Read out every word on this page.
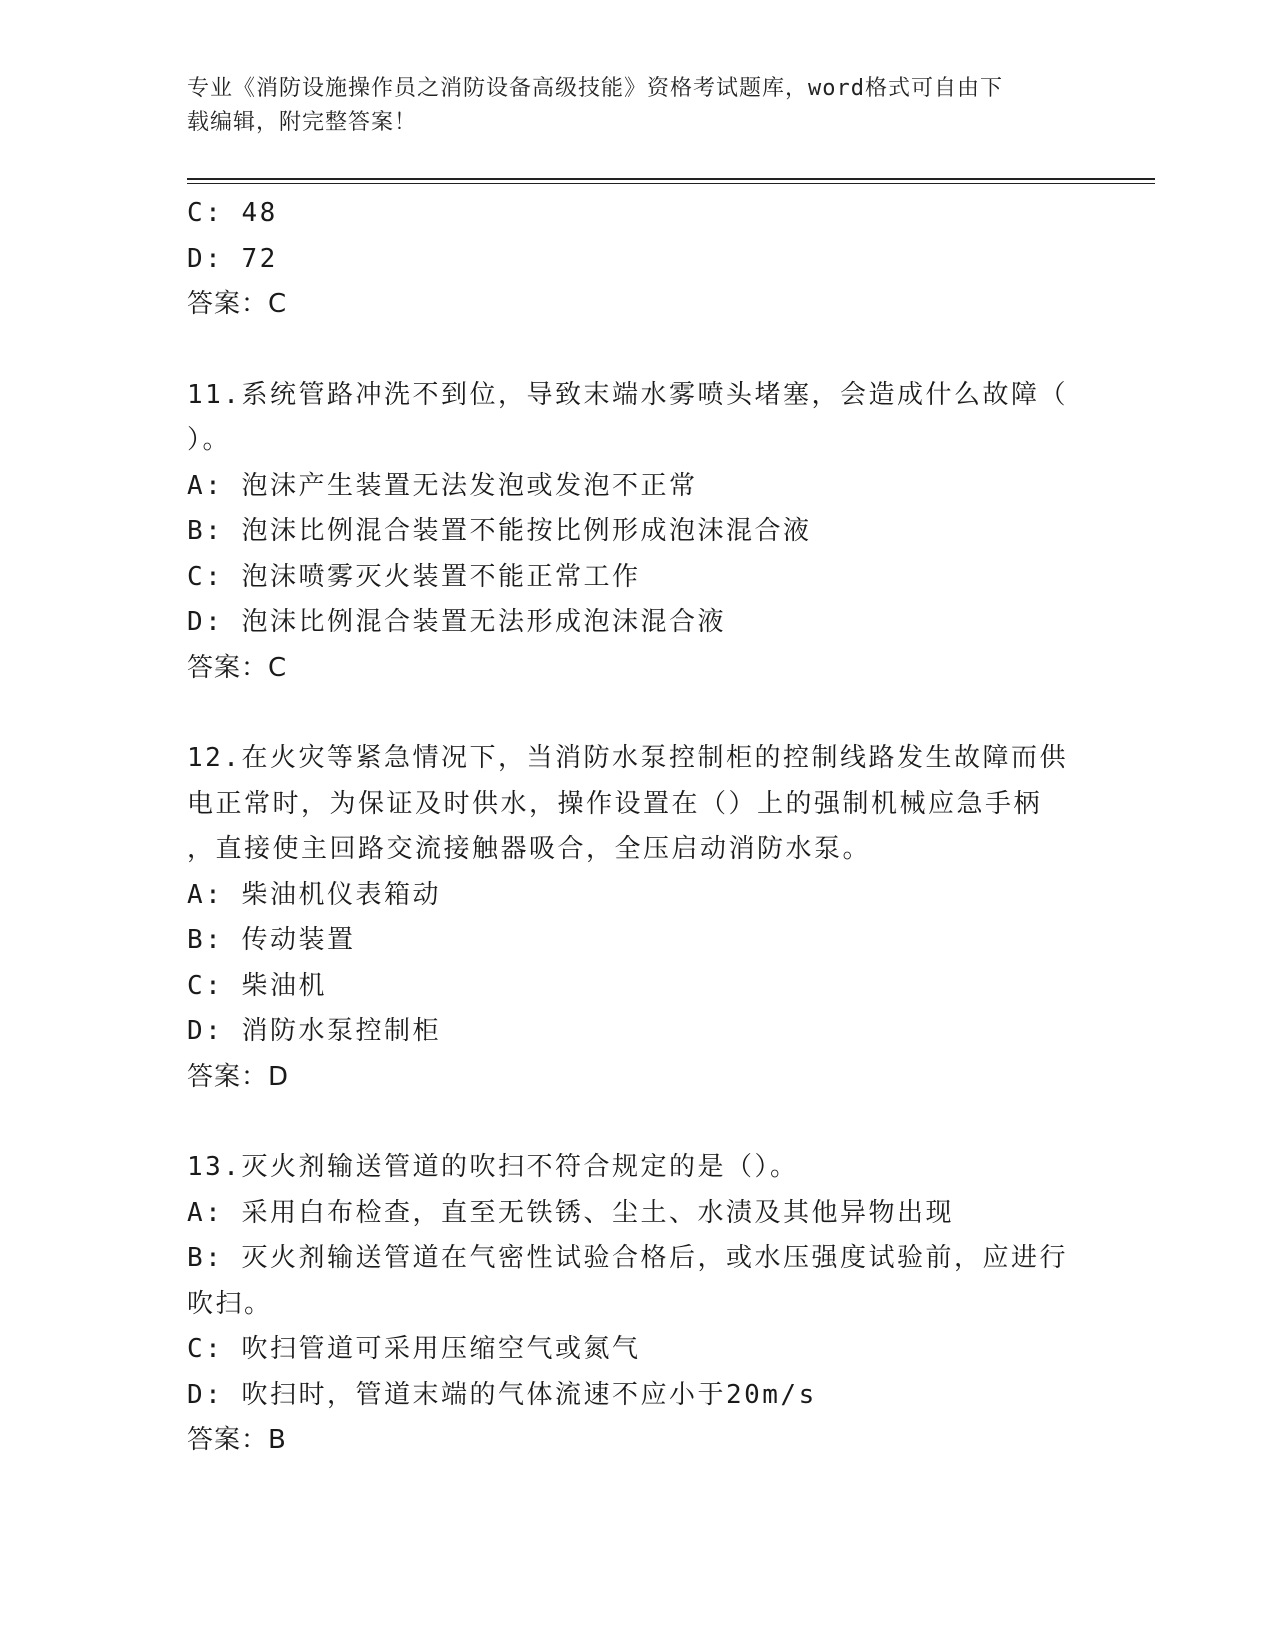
专业《消防设施操作员之消防设备高级技能》资格考试题库，word格式可自由下
载编辑，附完整答案！

C: 48

D: 72

答案：C

11.系统管路冲洗不到位，导致末端水雾喷头堵塞，会造成什么故障（

）。

A: 泡沫产生装置无法发泡或发泡不正常

B: 泡沫比例混合装置不能按比例形成泡沫混合液

C: 泡沫喷雾灭火装置不能正常工作

D: 泡沫比例混合装置无法形成泡沫混合液

答案：C

12.在火灾等紧急情况下，当消防水泵控制柜的控制线路发生故障而供

电正常时，为保证及时供水，操作设置在（）上的强制机械应急手柄

，直接使主回路交流接触器吸合，全压启动消防水泵。

A: 柴油机仪表箱动

B: 传动装置

C: 柴油机

D: 消防水泵控制柜

答案：D

13.灭火剂输送管道的吹扫不符合规定的是（）。

A: 采用白布检查，直至无铁锈、尘土、水渍及其他异物出现

B: 灭火剂输送管道在气密性试验合格后，或水压强度试验前，应进行

吹扫。

C: 吹扫管道可采用压缩空气或氮气

D: 吹扫时，管道末端的气体流速不应小于20m/s

答案：B
